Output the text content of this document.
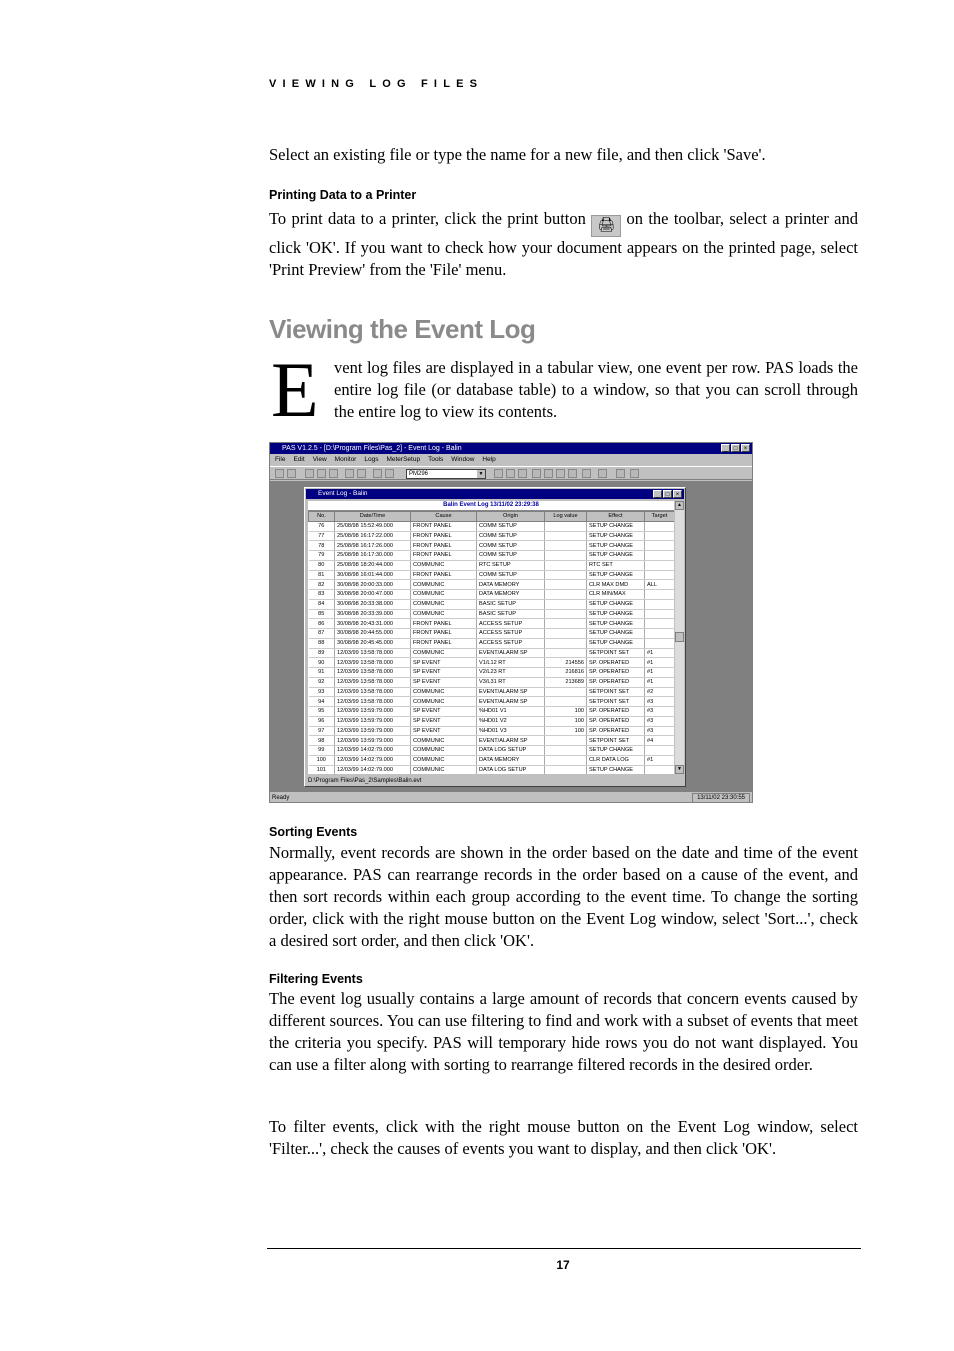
VIEWING LOG FILES
Select an existing file or type the name for a new file, and then click 'Save'.
Printing Data to a Printer
To print data to a printer, click the print button 🖨 on the toolbar, select a printer and click 'OK'. If you want to check how your document appears on the printed page, select 'Print Preview' from the 'File' menu.
Viewing the Event Log
E vent log files are displayed in a tabular view, one event per row. PAS loads the entire log file (or database table) to a window, so that you can scroll through the entire log to view its contents.
PAS V1.2.5 - [D:\Program Files\Pas_2] - Event Log - Balin	_	□	×
File Edit View Monitor Logs MeterSetup Tools Window Help
PM296	▼
Event Log - Balin	_	□	×
Balin Event Log 13/11/02 23:29:38
No.	Date/Time	Cause	Origin	Log value	Effect	Target
76	25/08/98 15:52:49.000	FRONT PANEL	COMM SETUP		SETUP CHANGE	
77	25/08/98 16:17:22.000	FRONT PANEL	COMM SETUP		SETUP CHANGE	
78	25/08/98 16:17:26.000	FRONT PANEL	COMM SETUP		SETUP CHANGE	
79	25/08/98 16:17:30.000	FRONT PANEL	COMM SETUP		SETUP CHANGE	
80	25/08/98 18:20:44.000	COMMUNIC	RTC SETUP		RTC SET	
81	30/08/98 16:01:44.000	FRONT PANEL	COMM SETUP		SETUP CHANGE	
82	30/08/98 20:00:33.000	COMMUNIC	DATA MEMORY		CLR MAX DMD	ALL
83	30/08/98 20:00:47.000	COMMUNIC	DATA MEMORY		CLR MIN/MAX	
84	30/08/98 20:33:38.000	COMMUNIC	BASIC SETUP		SETUP CHANGE	
85	30/08/98 20:33:39.000	COMMUNIC	BASIC SETUP		SETUP CHANGE	
86	30/08/98 20:43:31.000	FRONT PANEL	ACCESS SETUP		SETUP CHANGE	
87	30/08/98 20:44:55.000	FRONT PANEL	ACCESS SETUP		SETUP CHANGE	
88	30/08/98 20:45:45.000	FRONT PANEL	ACCESS SETUP		SETUP CHANGE	
89	12/03/99 13:58:78.000	COMMUNIC	EVENT/ALARM SP		SETPOINT SET	#1
90	12/03/99 13:58:78.000	SP EVENT	V1/L12 RT	214556	SP. OPERATED	#1
91	12/03/99 13:58:78.000	SP EVENT	V2/L23 RT	216816	SP. OPERATED	#1
92	12/03/99 13:58:78.000	SP EVENT	V3/L31 RT	213689	SP. OPERATED	#1
93	12/03/99 13:58:78.000	COMMUNIC	EVENT/ALARM SP		SETPOINT SET	#2
94	12/03/99 13:58:78.000	COMMUNIC	EVENT/ALARM SP		SETPOINT SET	#3
95	12/03/99 13:59:79.000	SP EVENT	%HD01 V1	100	SP. OPERATED	#3
96	12/03/99 13:59:79.000	SP EVENT	%HD01 V2	100	SP. OPERATED	#3
97	12/03/99 13:59:79.000	SP EVENT	%HD01 V3	100	SP. OPERATED	#3
98	12/03/99 13:59:79.000	COMMUNIC	EVENT/ALARM SP		SETPOINT SET	#4
99	12/03/99 14:02:79.000	COMMUNIC	DATA LOG SETUP		SETUP CHANGE	
100	12/03/99 14:02:79.000	COMMUNIC	DATA MEMORY		CLR DATA LOG	#1
101	12/03/99 14:02:79.000	COMMUNIC	DATA LOG SETUP		SETUP CHANGE	
▲
▼
D:\Program Files\Pas_2\Samples\Balin.evt
Ready	13/11/02 23:30:55
Sorting Events
Normally, event records are shown in the order based on the date and time of the event appearance. PAS can rearrange records in the order based on a cause of the event, and then sort records within each group according to the event time. To change the sorting order, click with the right mouse button on the Event Log window, select 'Sort...', check a desired sort order, and then click 'OK'.
Filtering Events
The event log usually contains a large amount of records that concern events caused by different sources. You can use filtering to find and work with a subset of events that meet the criteria you specify. PAS will temporary hide rows you do not want displayed. You can use a filter along with sorting to rearrange filtered records in the desired order.
To filter events, click with the right mouse button on the Event Log window, select 'Filter...', check the causes of events you want to display, and then click 'OK'.
17
